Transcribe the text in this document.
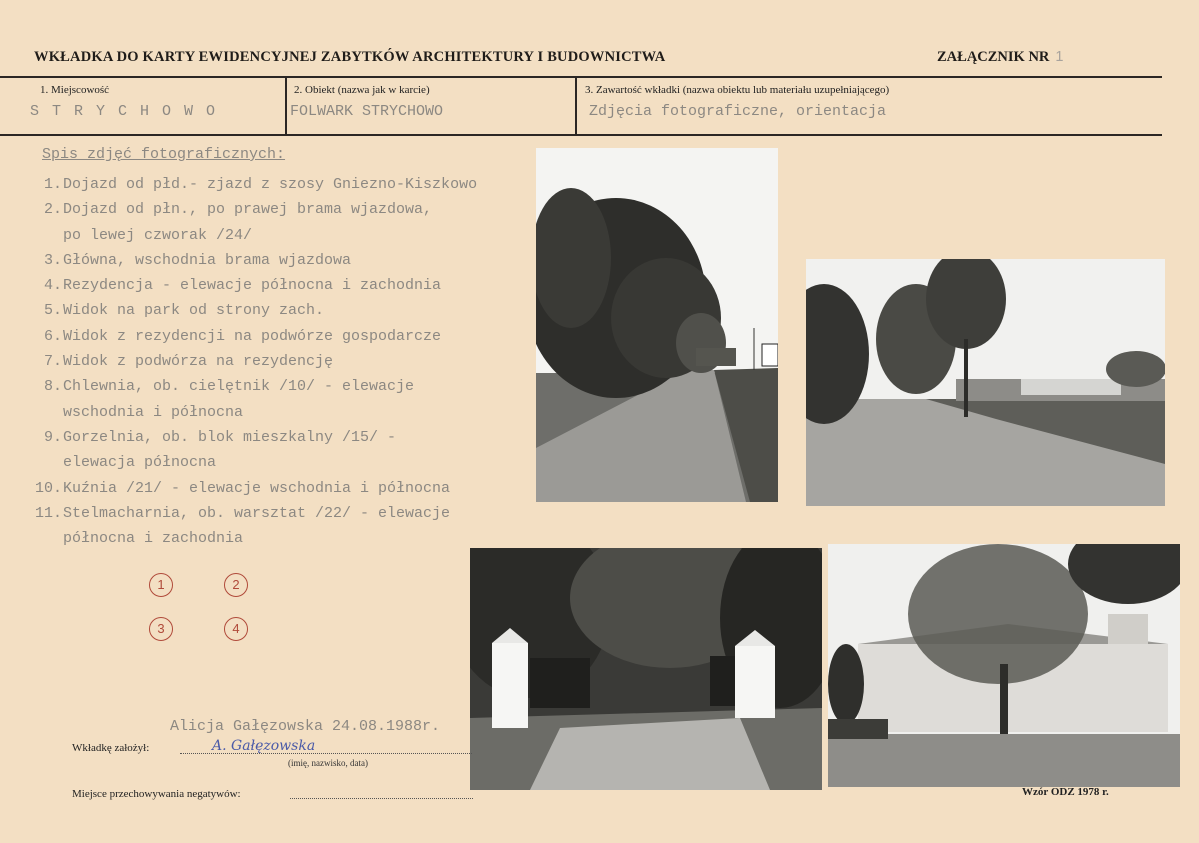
WKŁADKA DO KARTY EWIDENCYJNEJ ZABYTKÓW ARCHITEKTURY I BUDOWNICTWA	ZAŁĄCZNIK NR 1
1. Miejscowość
S T R Y C H O W O
2. Obiekt (nazwa jak w karcie)
FOLWARK STRYCHOWO
3. Zawartość wkładki (nazwa obiektu lub materiału uzupełniającego)
Zdjęcia fotograficzne, orientacja
Spis zdjęć fotograficznych:
1. Dojazd od płd.- zjazd z szosy Gniezno-Kiszkowo
2. Dojazd od płn., po prawej brama wjazdowa,
po lewej czworak /24/
3. Główna, wschodnia brama wjazdowa
4. Rezydencja - elewacje północna i zachodnia
5. Widok na park od strony zach.
6. Widok z rezydencji na podwórze gospodarcze
7. Widok z podwórza na rezydencję
8. Chlewnia, ob. cielętnik /10/ - elewacje
wschodnia i północna
9. Gorzelnia, ob. blok mieszkalny /15/ -
elewacja północna
10. Kuźnia /21/ - elewacje wschodnia i północna
11. Stelmacharnia, ob. warsztat /22/ - elewacje
północna i zachodnia
1	2
3	4
Alicja Gałęzowska 24.08.1988r.
Wkładkę założył:	A. Gałęzowska
(imię, nazwisko, data)
Miejsce przechowywania negatywów:	Wzór ODZ 1978 r.
